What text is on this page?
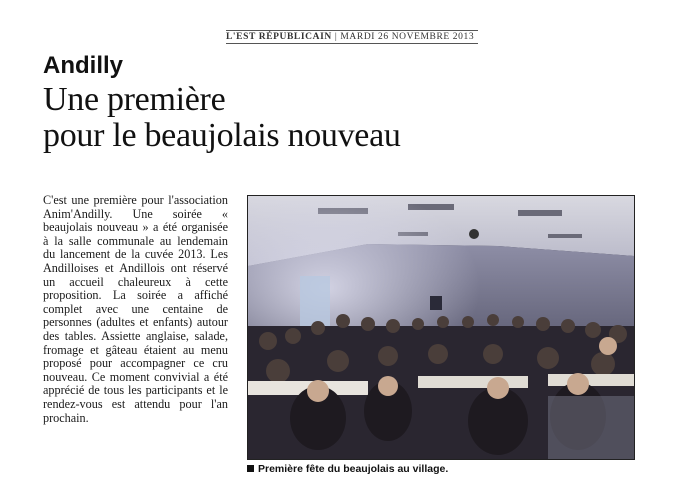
L'EST RÉPUBLICAIN | MARDI 26 NOVEMBRE 2013
Andilly
Une première
pour le beaujolais nouveau
C'est une première pour l'association Anim'Andilly. Une soirée « beaujolais nouveau » a été organisée à la salle communale au lendemain du lancement de la cuvée 2013. Les Andilloises et Andillois ont réservé un accueil chaleureux à cette proposition. La soirée a affiché complet avec une centaine de personnes (adultes et enfants) autour des tables. Assiette anglaise, salade, fromage et gâteau étaient au menu proposé pour accompagner ce cru nouveau. Ce moment convivial a été apprécié de tous les participants et le rendez-vous est attendu pour l'an prochain.
Première fête du beaujolais au village.
